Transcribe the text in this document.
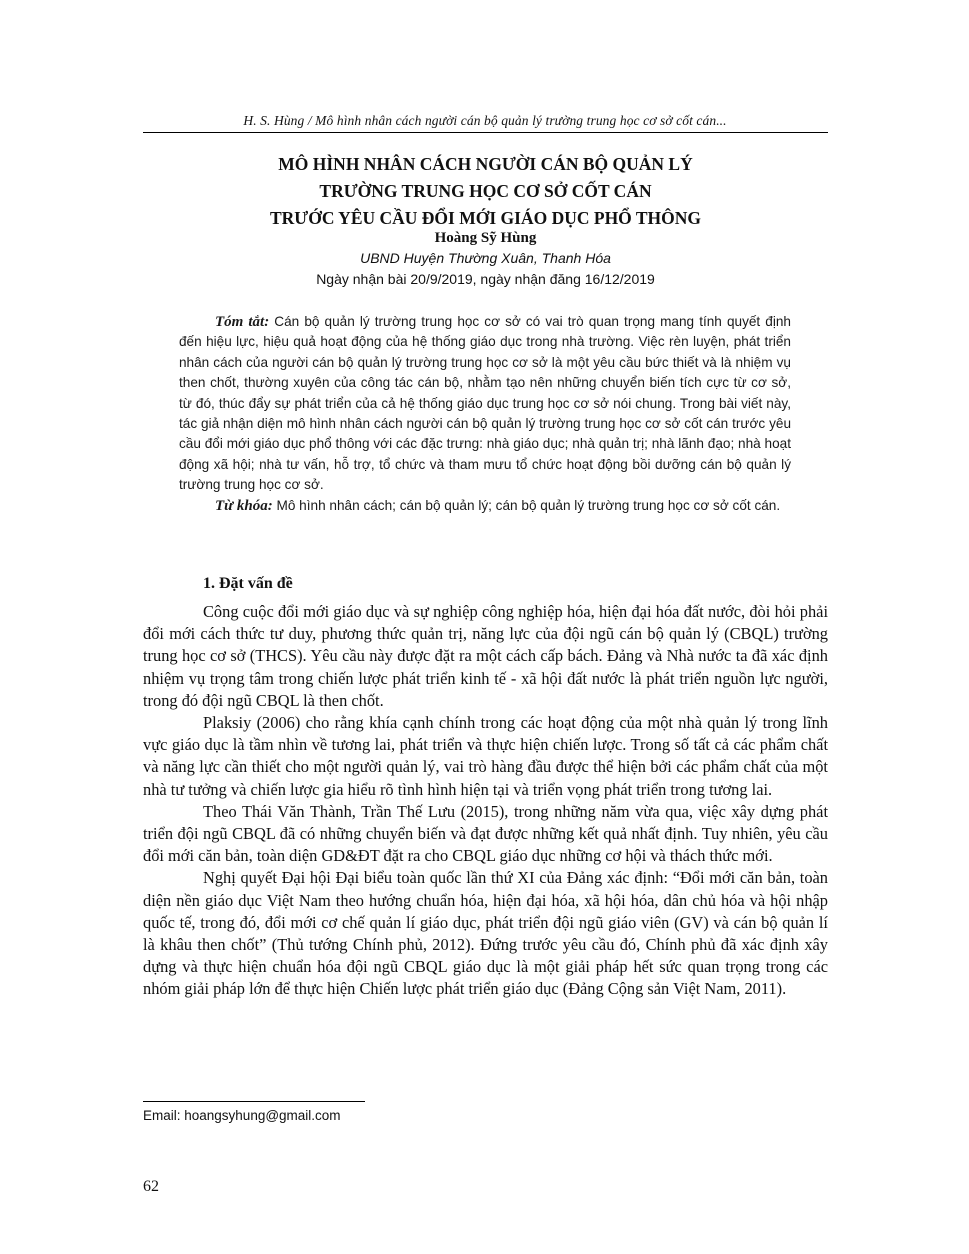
H. S. Hùng / Mô hình nhân cách người cán bộ quản lý trường trung học cơ sở cốt cán...
MÔ HÌNH NHÂN CÁCH NGƯỜI CÁN BỘ QUẢN LÝ
TRƯỜNG TRUNG HỌC CƠ SỞ CỐT CÁN
TRƯỚC YÊU CẦU ĐỔI MỚI GIÁO DỤC PHỔ THÔNG
Hoàng Sỹ Hùng
UBND Huyện Thường Xuân, Thanh Hóa
Ngày nhận bài 20/9/2019, ngày nhận đăng 16/12/2019

Tóm tắt: Cán bộ quản lý trường trung học cơ sở có vai trò quan trọng mang tính quyết định đến hiệu lực, hiệu quả hoạt động của hệ thống giáo dục trong nhà trường. Việc rèn luyện, phát triển nhân cách của người cán bộ quản lý trường trung học cơ sở là một yêu cầu bức thiết và là nhiệm vụ then chốt, thường xuyên của công tác cán bộ, nhằm tạo nên những chuyển biến tích cực từ cơ sở, từ đó, thúc đẩy sự phát triển của cả hệ thống giáo dục trung học cơ sở nói chung. Trong bài viết này, tác giả nhận diện mô hình nhân cách người cán bộ quản lý trường trung học cơ sở cốt cán trước yêu cầu đổi mới giáo dục phổ thông với các đặc trưng: nhà giáo dục; nhà quản trị; nhà lãnh đạo; nhà hoạt động xã hội; nhà tư vấn, hỗ trợ, tổ chức và tham mưu tổ chức hoạt động bồi dưỡng cán bộ quản lý trường trung học cơ sở.

Từ khóa: Mô hình nhân cách; cán bộ quản lý; cán bộ quản lý trường trung học cơ sở cốt cán.

1. Đặt vấn đề

Công cuộc đổi mới giáo dục và sự nghiệp công nghiệp hóa, hiện đại hóa đất nước, đòi hỏi phải đổi mới cách thức tư duy, phương thức quản trị, năng lực của đội ngũ cán bộ quản lý (CBQL) trường trung học cơ sở (THCS). Yêu cầu này được đặt ra một cách cấp bách. Đảng và Nhà nước ta đã xác định nhiệm vụ trọng tâm trong chiến lược phát triển kinh tế - xã hội đất nước là phát triển nguồn lực người, trong đó đội ngũ CBQL là then chốt.

Plaksiy (2006) cho rằng khía cạnh chính trong các hoạt động của một nhà quản lý trong lĩnh vực giáo dục là tầm nhìn về tương lai, phát triển và thực hiện chiến lược. Trong số tất cả các phẩm chất và năng lực cần thiết cho một người quản lý, vai trò hàng đầu được thể hiện bởi các phẩm chất của một nhà tư tưởng và chiến lược gia hiểu rõ tình hình hiện tại và triển vọng phát triển trong tương lai.

Theo Thái Văn Thành, Trần Thế Lưu (2015), trong những năm vừa qua, việc xây dựng phát triển đội ngũ CBQL đã có những chuyển biến và đạt được những kết quả nhất định. Tuy nhiên, yêu cầu đổi mới căn bản, toàn diện GD&ĐT đặt ra cho CBQL giáo dục những cơ hội và thách thức mới.

Nghị quyết Đại hội Đại biểu toàn quốc lần thứ XI của Đảng xác định: “Đổi mới căn bản, toàn diện nền giáo dục Việt Nam theo hướng chuẩn hóa, hiện đại hóa, xã hội hóa, dân chủ hóa và hội nhập quốc tế, trong đó, đổi mới cơ chế quản lí giáo dục, phát triển đội ngũ giáo viên (GV) và cán bộ quản lí là khâu then chốt” (Thủ tướng Chính phủ, 2012). Đứng trước yêu cầu đó, Chính phủ đã xác định xây dựng và thực hiện chuẩn hóa đội ngũ CBQL giáo dục là một giải pháp hết sức quan trọng trong các nhóm giải pháp lớn để thực hiện Chiến lược phát triển giáo dục (Đảng Cộng sản Việt Nam, 2011).

Email: hoangsyhung@gmail.com
62
